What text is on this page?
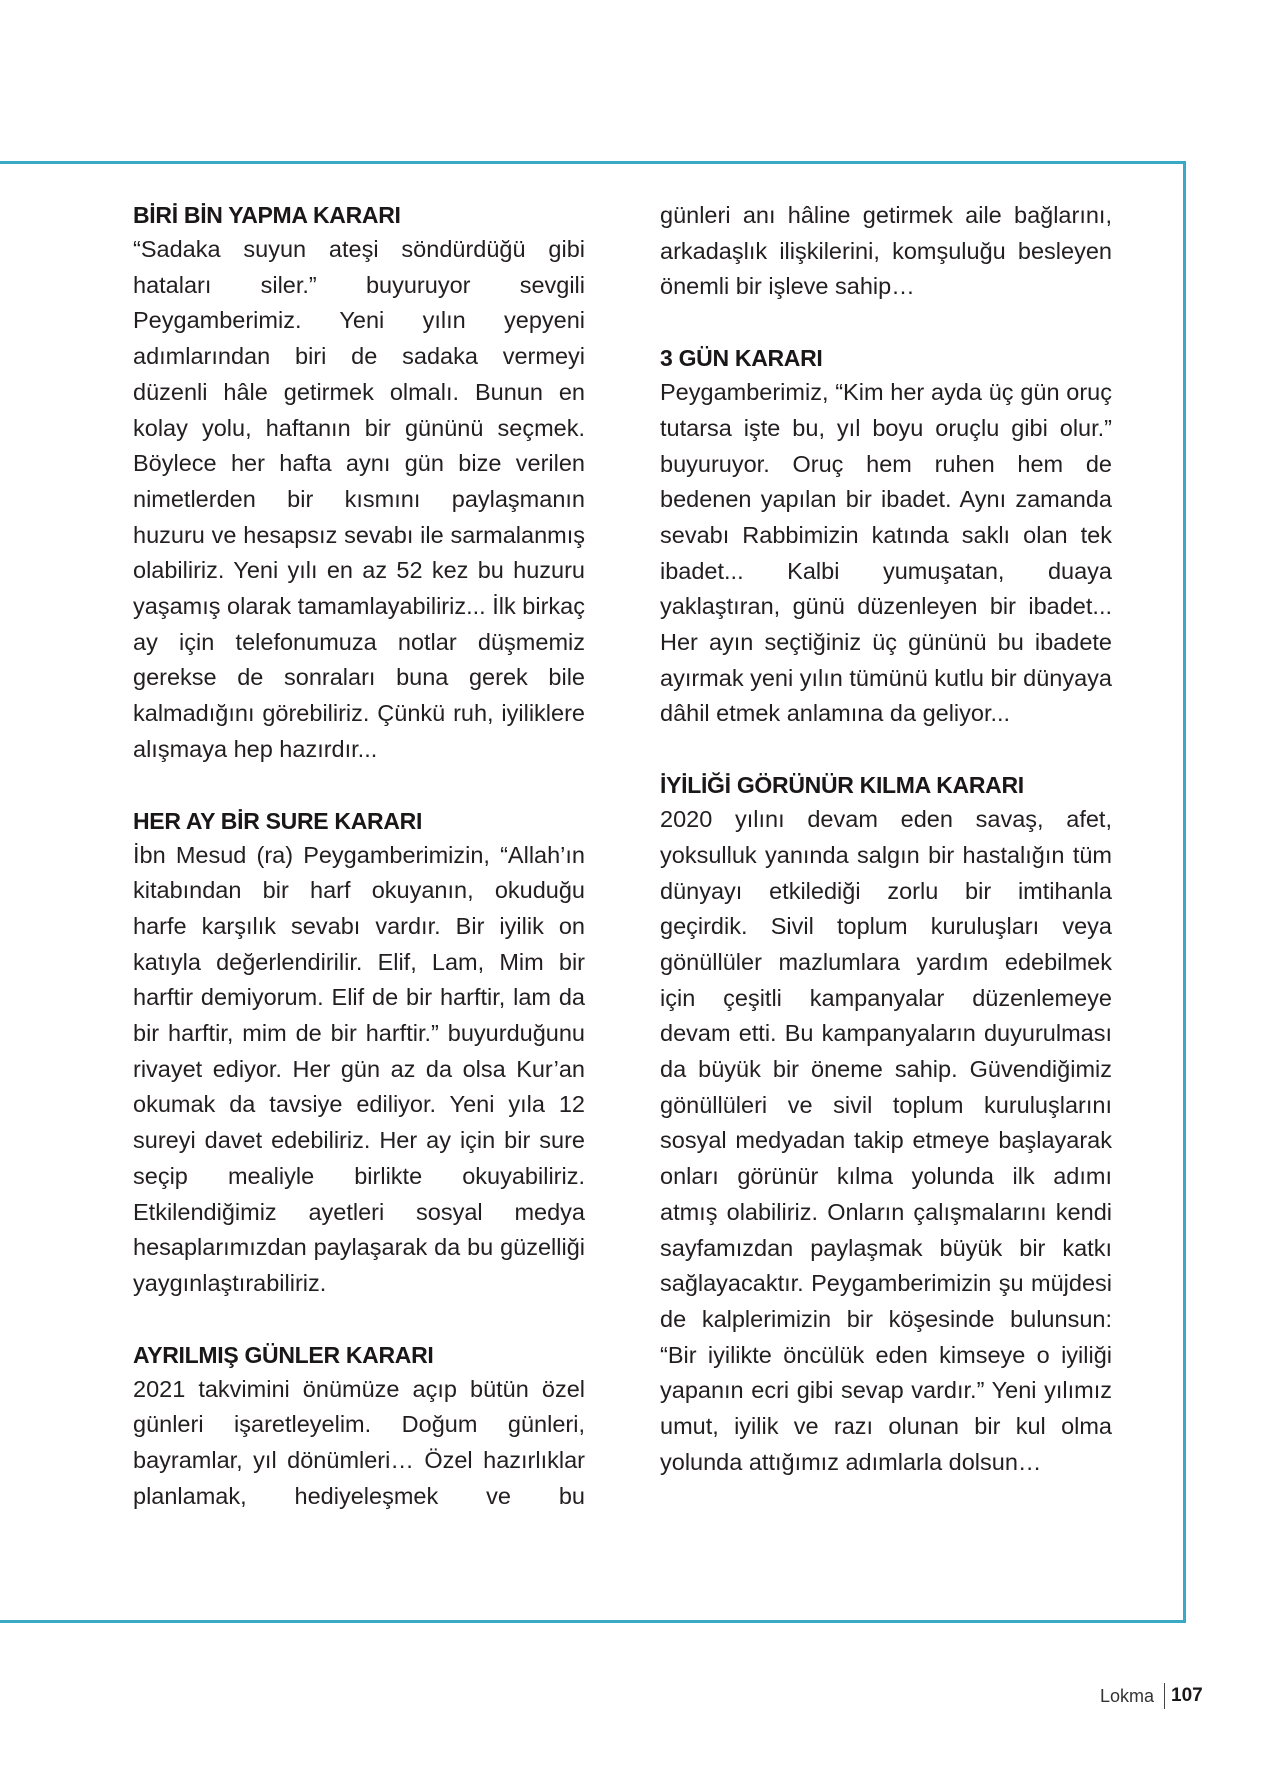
BİRİ BİN YAPMA KARARI

“Sadaka suyun ateşi söndürdüğü gibi hataları siler.” buyuruyor sevgili Peygamberimiz. Yeni yılın yepyeni adımlarından biri de sadaka vermeyi düzenli hâle getirmek olmalı. Bunun en kolay yolu, haftanın bir gününü seçmek. Böylece her hafta aynı gün bize verilen nimetlerden bir kısmını paylaşmanın huzuru ve hesapsız sevabı ile sarmalanmış olabiliriz. Yeni yılı en az 52 kez bu huzuru yaşamış olarak tamamlayabiliriz... İlk birkaç ay için telefonumuza notlar düşmemiz gerekse de sonraları buna gerek bile kalmadığını görebiliriz. Çünkü ruh, iyiliklere alışmaya hep hazırdır...

HER AY BİR SURE KARARI

İbn Mesud (ra) Peygamberimizin, “Allah’ın kitabından bir harf okuyanın, okuduğu harfe karşılık sevabı vardır. Bir iyilik on katıyla değerlendirilir. Elif, Lam, Mim bir harftir demiyorum. Elif de bir harftir, lam da bir harftir, mim de bir harftir.” buyurduğunu rivayet ediyor. Her gün az da olsa Kur’an okumak da tavsiye ediliyor. Yeni yıla 12 sureyi davet edebiliriz. Her ay için bir sure seçip mealiyle birlikte okuyabiliriz. Etkilendiğimiz ayetleri sosyal medya hesaplarımızdan paylaşarak da bu güzelliği yaygınlaştırabiliriz.

AYRILMIŞ GÜNLER KARARI

2021 takvimini önümüze açıp bütün özel günleri işaretleyelim. Doğum günleri, bayramlar, yıl dönümleri… Özel hazırlıklar planlamak, hediyeleşmek ve bu

günleri anı hâline getirmek aile bağlarını, arkadaşlık ilişkilerini, komşuluğu besleyen önemli bir işleve sahip…

3 GÜN KARARI

Peygamberimiz, “Kim her ayda üç gün oruç tutarsa işte bu, yıl boyu oruçlu gibi olur.” buyuruyor. Oruç hem ruhen hem de bedenen yapılan bir ibadet. Aynı zamanda sevabı Rabbimizin katında saklı olan tek ibadet... Kalbi yumuşatan, duaya yaklaştıran, günü düzenleyen bir ibadet... Her ayın seçtiğiniz üç gününü bu ibadete ayırmak yeni yılın tümünü kutlu bir dünyaya dâhil etmek anlamına da geliyor...

İYİLİĞİ GÖRÜNÜR KILMA KARARI

2020 yılını devam eden savaş, afet, yoksulluk yanında salgın bir hastalığın tüm dünyayı etkilediği zorlu bir imtihanla geçirdik. Sivil toplum kuruluşları veya gönüllüler mazlumlara yardım edebilmek için çeşitli kampanyalar düzenlemeye devam etti. Bu kampanyaların duyurulması da büyük bir öneme sahip. Güvendiğimiz gönüllüleri ve sivil toplum kuruluşlarını sosyal medyadan takip etmeye başlayarak onları görünür kılma yolunda ilk adımı atmış olabiliriz. Onların çalışmalarını kendi sayfamızdan paylaşmak büyük bir katkı sağlayacaktır. Peygamberimizin şu müjdesi de kalplerimizin bir köşesinde bulunsun: “Bir iyilikte öncülük eden kimseye o iyiliği yapanın ecri gibi sevap vardır.” Yeni yılımız umut, iyilik ve razı olunan bir kul olma yolunda attığımız adımlarla dolsun…

Lokma 107
